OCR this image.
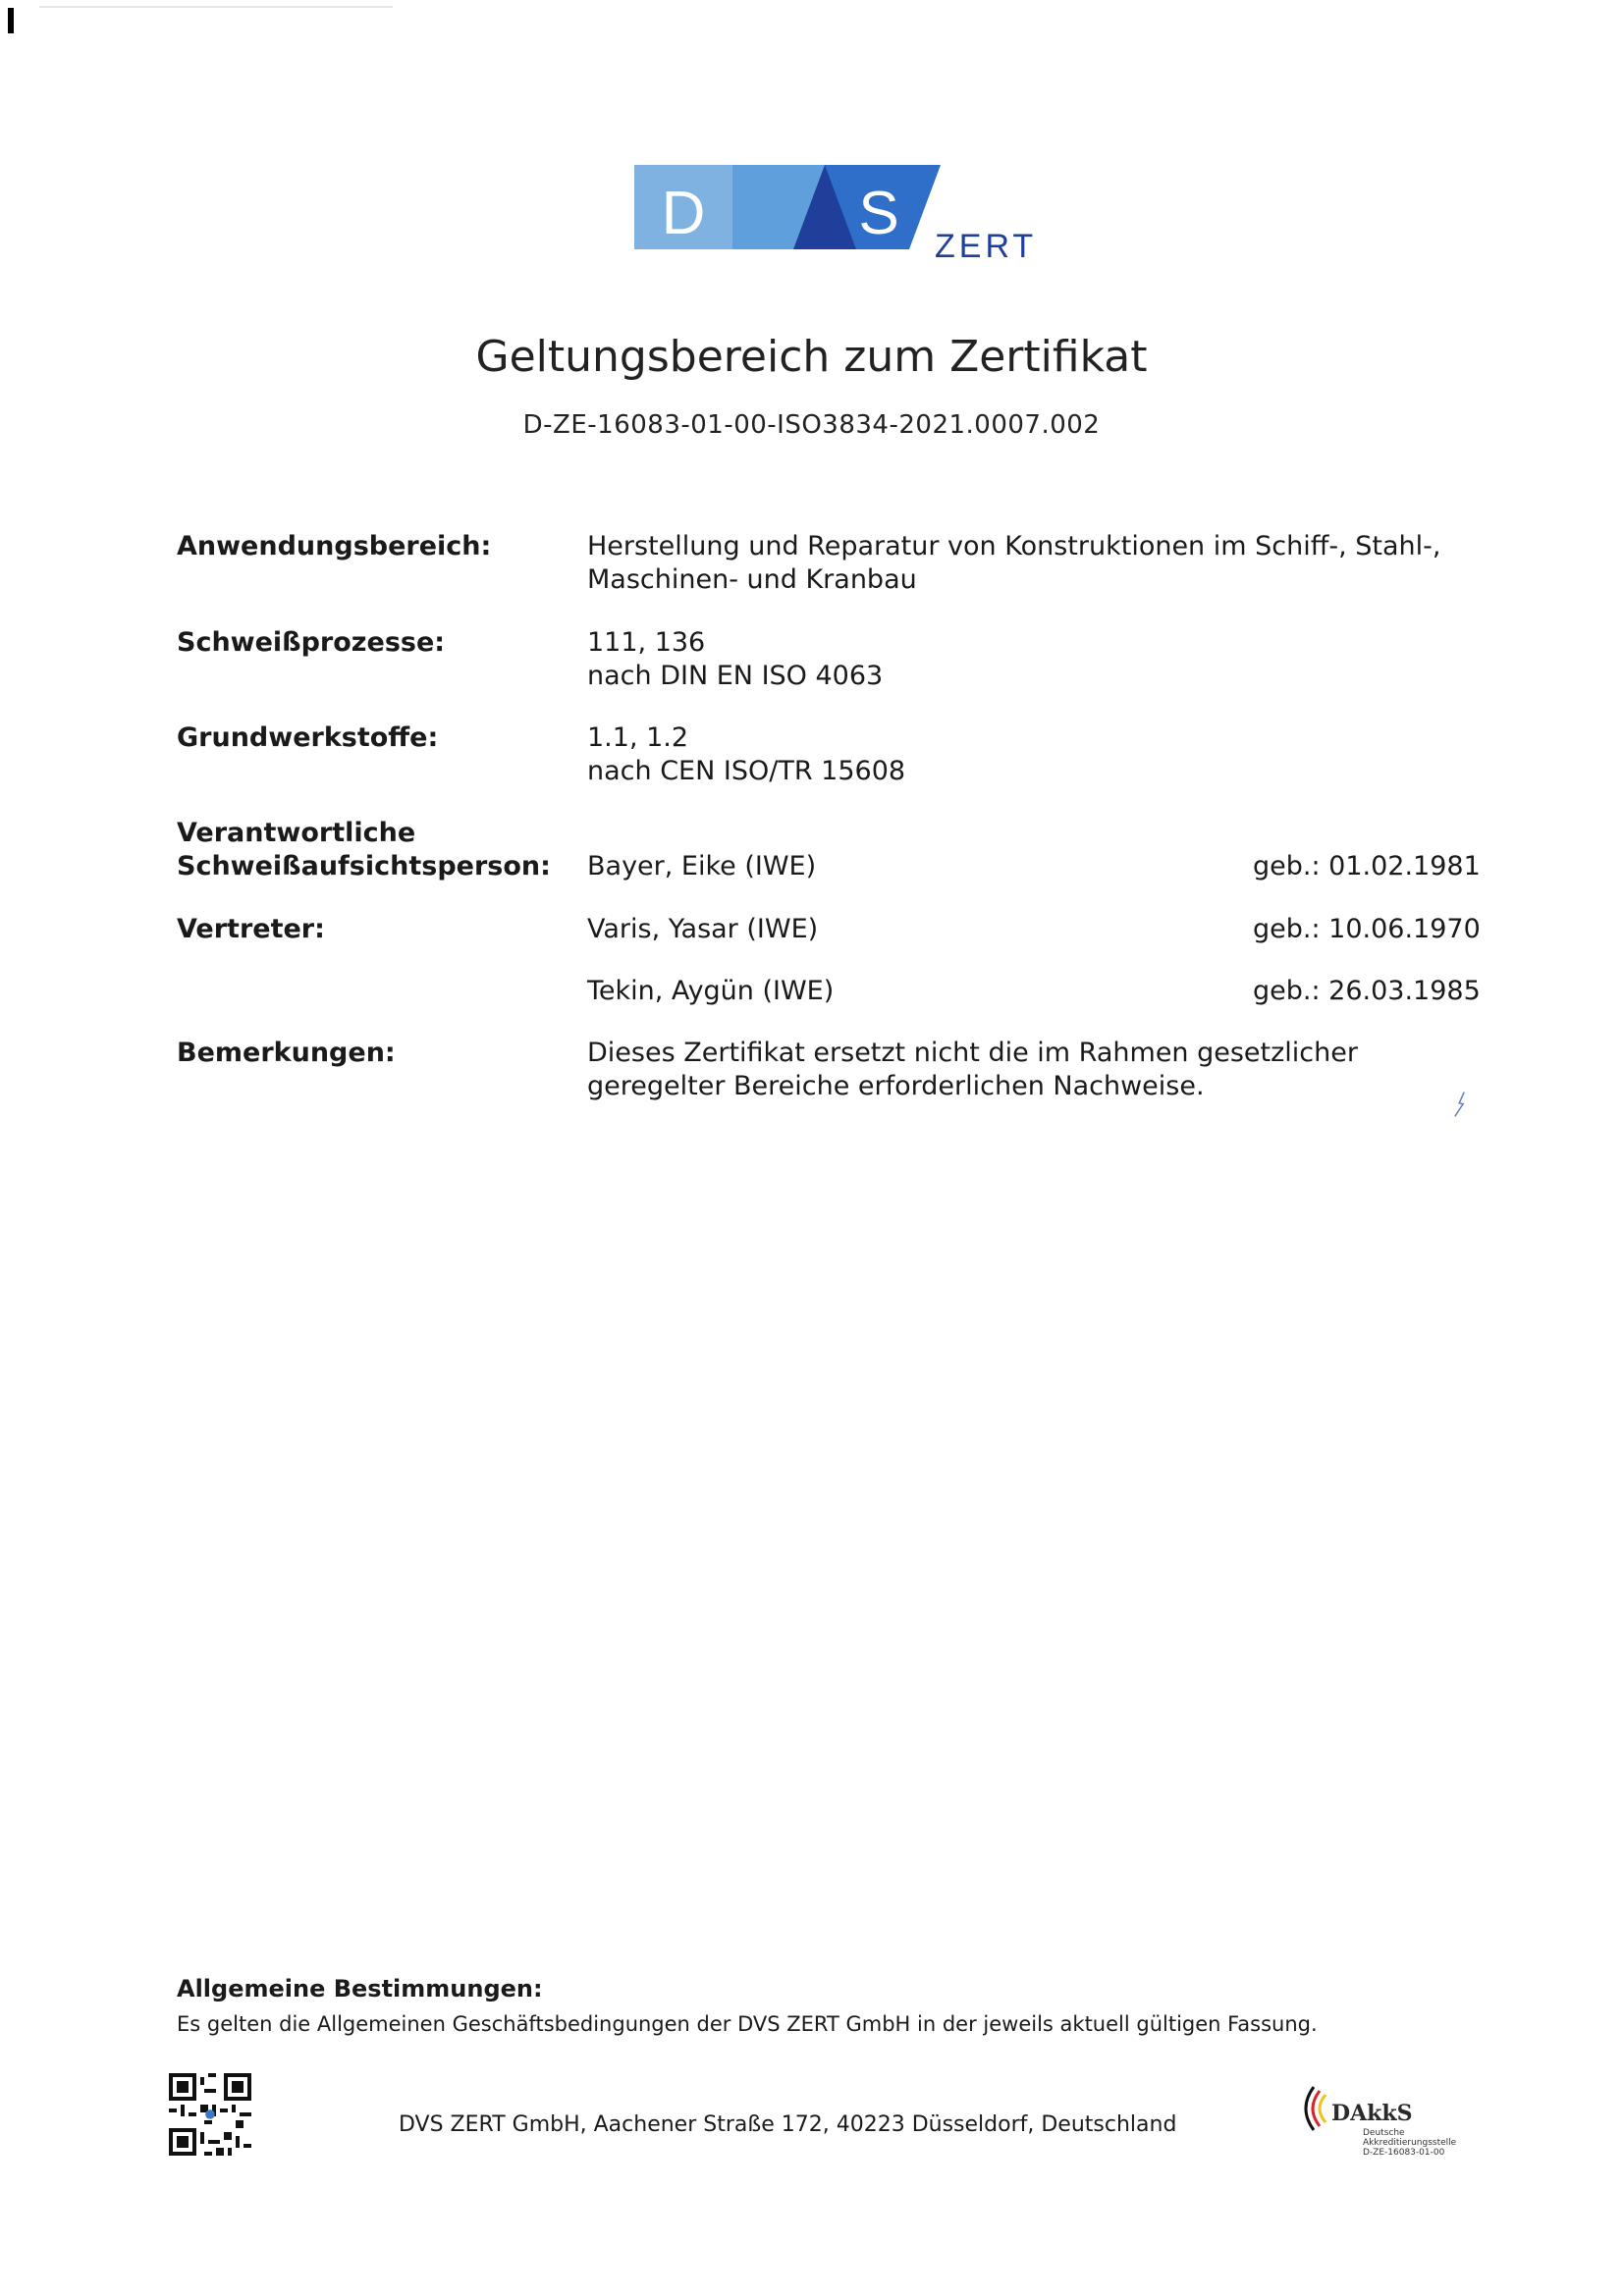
D	S ZERT
Geltungsbereich zum Zertifikat
D-ZE-16083-01-00-ISO3834-2021.0007.002
Anwendungsbereich:	Herstellung und Reparatur von Konstruktionen im Schiff-, Stahl-,
Maschinen- und Kranbau
Schweißprozesse:	111, 136
nach DIN EN ISO 4063
Grundwerkstoffe:	1.1, 1.2
nach CEN ISO/TR 15608
Verantwortliche
Schweißaufsichtsperson: Bayer, Eike (IWE)	geb.: 01.02.1981
Vertreter:	Varis, Yasar (IWE)	geb.: 10.06.1970
Tekin, Aygün (IWE)	geb.: 26.03.1985
Bemerkungen:	Dieses Zertifikat ersetzt nicht die im Rahmen gesetzlicher
geregelter Bereiche erforderlichen Nachweise.
Allgemeine Bestimmungen:
Es gelten die Allgemeinen Geschäftsbedingungen der DVS ZERT GmbH in der jeweils aktuell gültigen Fassung.
DVS ZERT GmbH, Aachener Straße 172, 40223 Düsseldorf, Deutschland	DAkkS
Deutsche
Akkreditierungsstelle
D-ZE-16083-01-00
